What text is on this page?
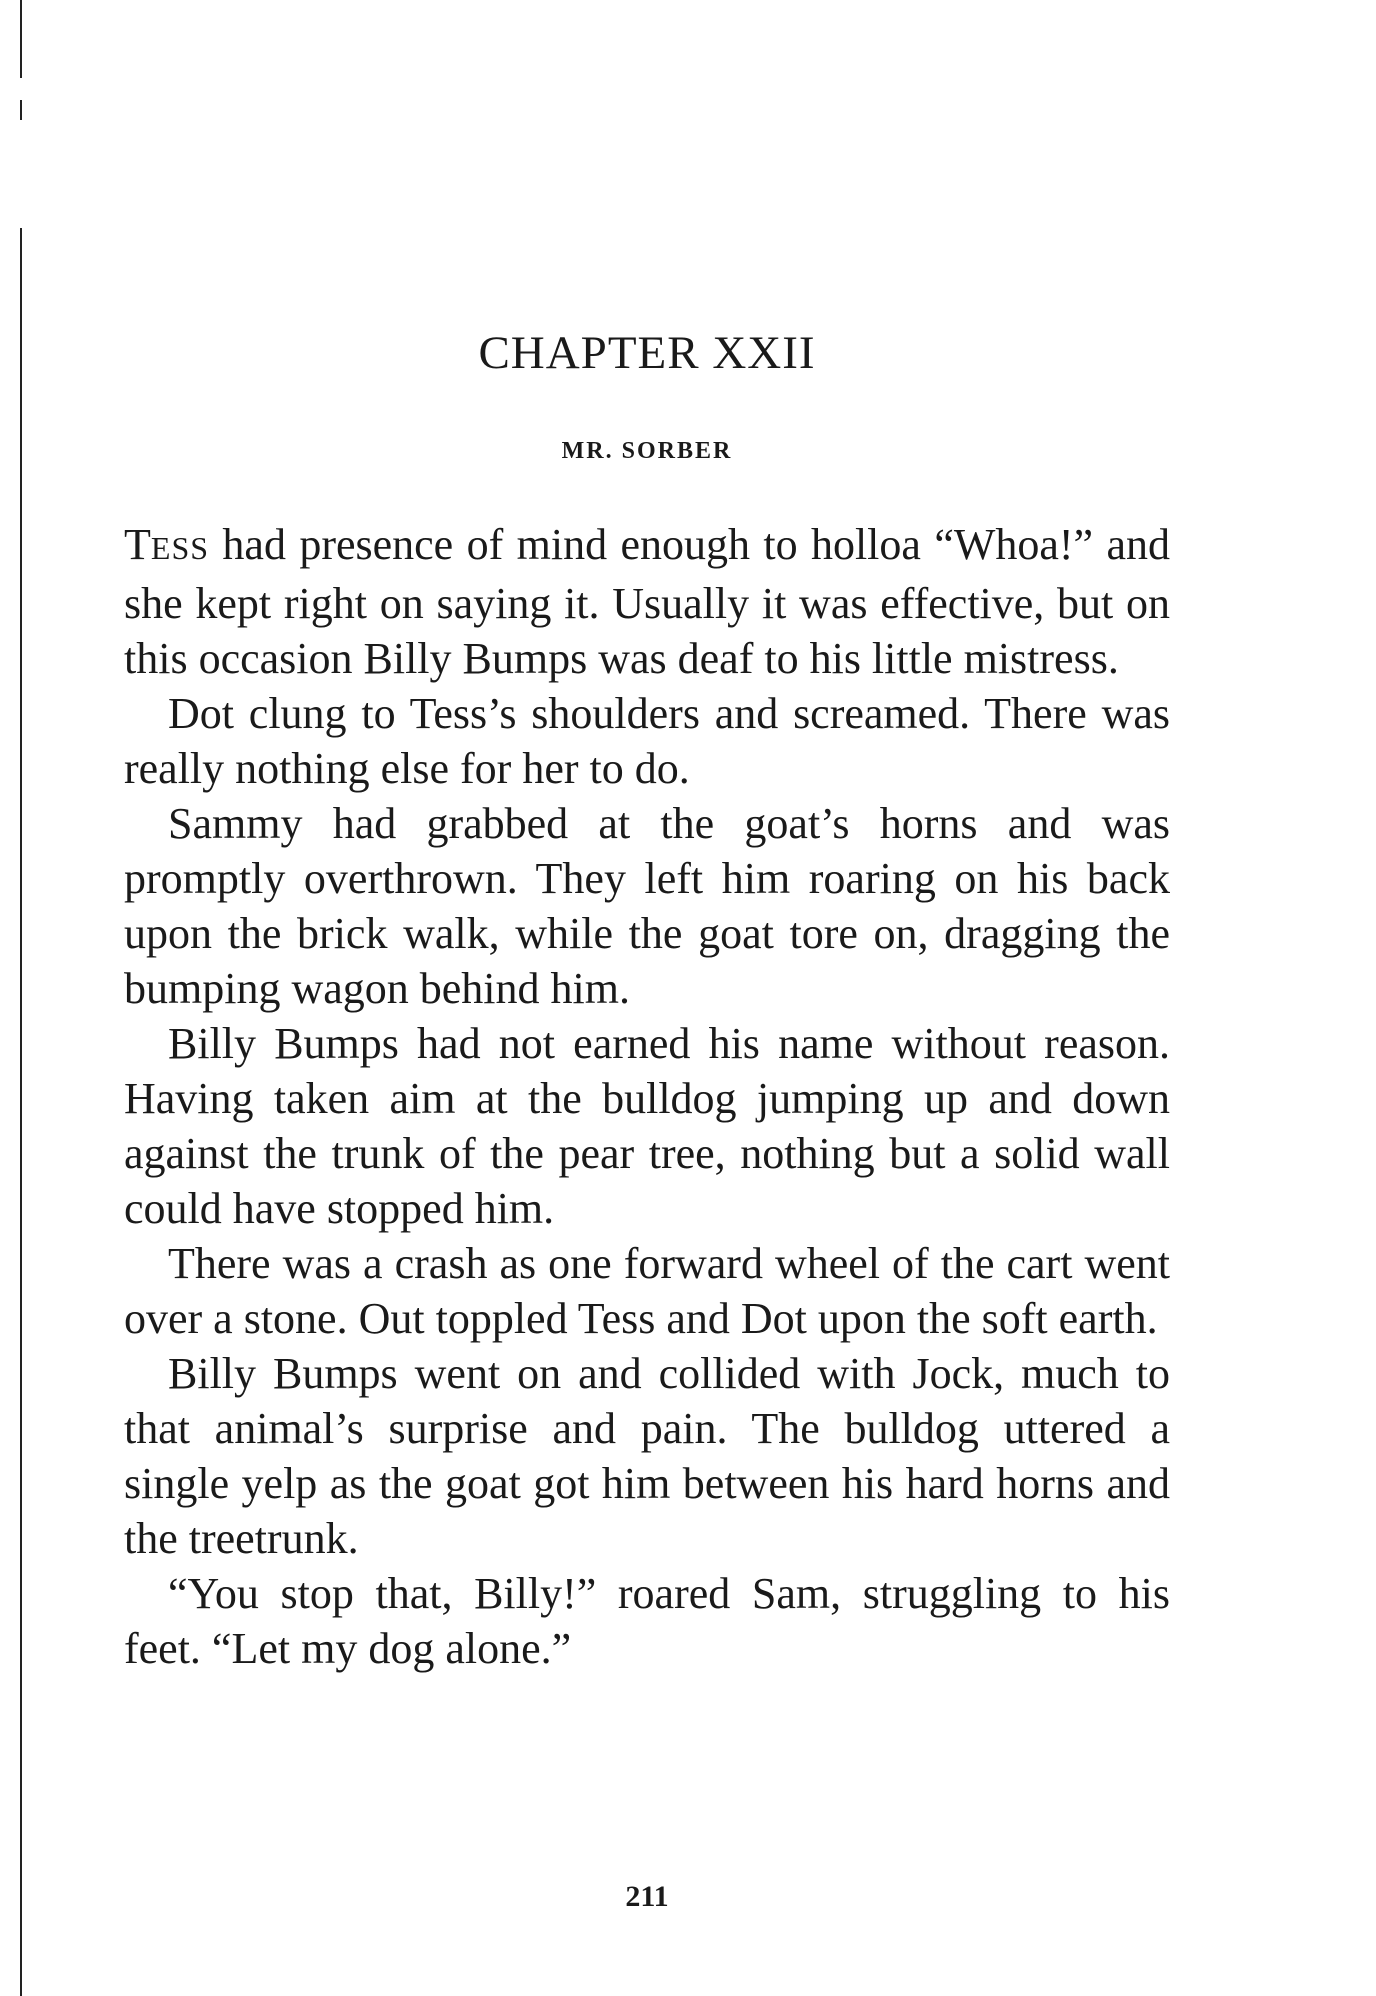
CHAPTER XXII
MR. SORBER

TESS had presence of mind enough to holloa “Whoa!” and she kept right on saying it. Usually it was effective, but on this occasion Billy Bumps was deaf to his little mistress.

Dot clung to Tess’s shoulders and screamed. There was really nothing else for her to do.

Sammy had grabbed at the goat’s horns and was promptly overthrown. They left him roaring on his back upon the brick walk, while the goat tore on, dragging the bumping wagon behind him.

Billy Bumps had not earned his name without reason. Having taken aim at the bulldog jumping up and down against the trunk of the pear tree, nothing but a solid wall could have stopped him.

There was a crash as one forward wheel of the cart went over a stone. Out toppled Tess and Dot upon the soft earth.

Billy Bumps went on and collided with Jock, much to that animal’s surprise and pain. The bulldog uttered a single yelp as the goat got him between his hard horns and the treetrunk.

“You stop that, Billy!” roared Sam, struggling to his feet. “Let my dog alone.”

211
